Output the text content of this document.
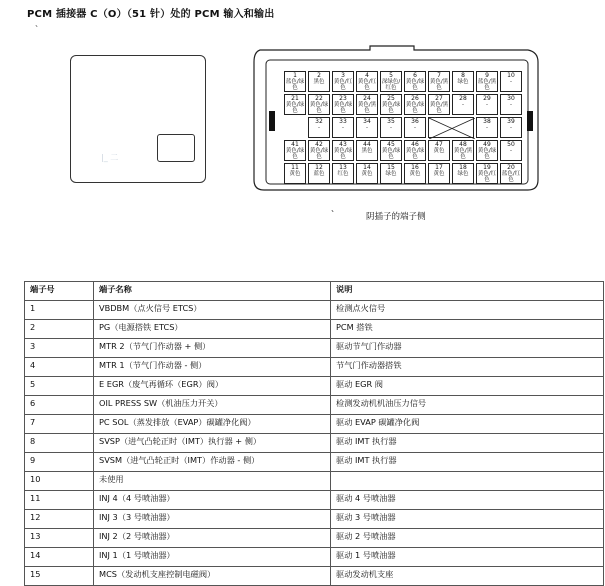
PCM 插接器 C（O）（51 针）处的 PCM 输入和输出
、
|_ 二
1
蓝色/绿色
2
黑色
3
黄色/红色
4
黄色/红色
5
深绿色/红色
6
黄色/绿色
7
黄色/黑色
8
绿色
9
蓝色/黑色
10
-
21
黄色/绿色
22
黄色/绿色
23
黄色/绿色
24
黄色/黑色
25
黄色/绿色
26
黄色/绿色
27
黄色/黑色
28
-
29
-
30
-
32
-
33
-
34
-
35
-
36
-
38
-
39
-
41
黄色/绿色
42
黄色/绿色
43
黄色/绿色
44
黑色
45
黄色/绿色
46
黄色/绿色
47
黄色
48
黄色/黑色
49
黄色/绿色
50
-
11
黄色
12
蓝色
13
红色
14
黄色
15
绿色
16
黄色
17
黄色
18
绿色
19
黄色/红色
20
蓝色/红色
、
阴插子的端子侧
端子号	端子名称	说明
1	VBDBM（点火信号 ETCS）	检测点火信号
2	PG（电源搭铁 ETCS）	PCM 搭铁
3	MTR 2（节气门作动器 + 侧）	驱动节气门作动器
4	MTR 1（节气门作动器 - 侧）	节气门作动器搭铁
5	E EGR（废气再循环（EGR）阀）	驱动 EGR 阀
6	OIL PRESS SW（机油压力开关）	检测发动机机油压力信号
7	PC SOL（蒸发排放（EVAP）碳罐净化阀）	驱动 EVAP 碳罐净化阀
8	SVSP（进气凸轮正时（IMT）执行器 + 侧）	驱动 IMT 执行器
9	SVSM（进气凸轮正时（IMT）作动器 - 侧）	驱动 IMT 执行器
10	未使用	
11	INJ 4（4 号喷油器）	驱动 4 号喷油器
12	INJ 3（3 号喷油器）	驱动 3 号喷油器
13	INJ 2（2 号喷油器）	驱动 2 号喷油器
14	INJ 1（1 号喷油器）	驱动 1 号喷油器
15	MCS（发动机支座控制电磁阀）	驱动发动机支座
